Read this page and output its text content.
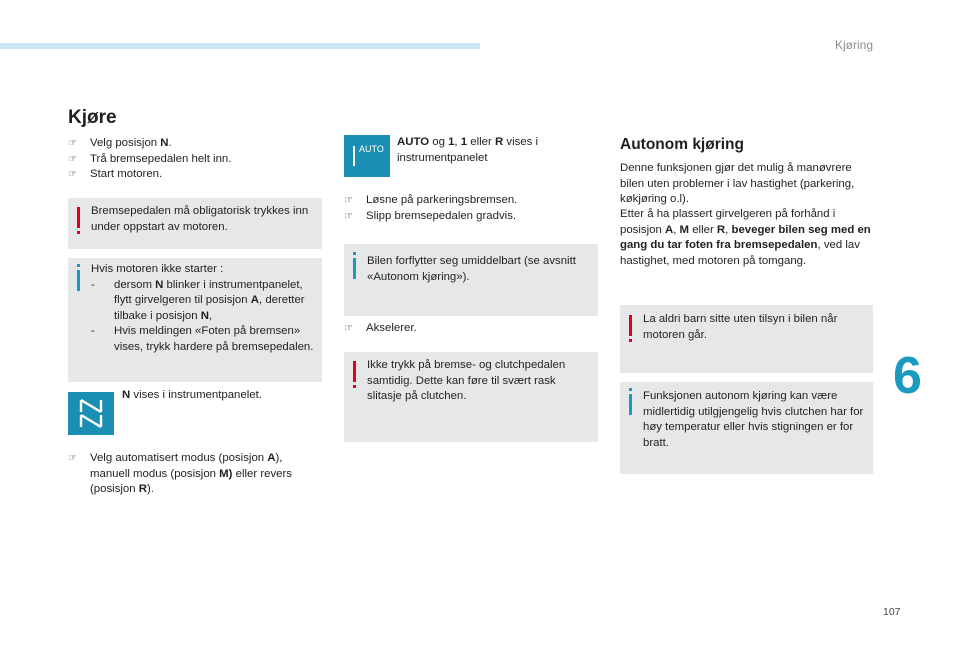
Kjøring
Kjøre
☞ Velg posisjon N.
☞ Trå bremsepedalen helt inn.
☞ Start motoren.
Bremsepedalen må obligatorisk trykkes inn under oppstart av motoren.
Hvis motoren ikke starter :
- dersom N blinker i instrumentpanelet, flytt girvelgeren til posisjon A, deretter tilbake i posisjon N,
- Hvis meldingen «Foten på bremsen» vises, trykk hardere på bremsepedalen.
N vises i instrumentpanelet.
☞ Velg automatisert modus (posisjon A), manuell modus (posisjon M) eller revers (posisjon R).
AUTO
AUTO og 1, 1 eller R vises i instrumentpanelet
☞ Løsne på parkeringsbremsen.
☞ Slipp bremsepedalen gradvis.
Bilen forflytter seg umiddelbart (se avsnitt «Autonom kjøring»).
☞ Akselerer.
Ikke trykk på bremse- og clutchpedalen samtidig. Dette kan føre til svært rask slitasje på clutchen.
Autonom kjøring
Denne funksjonen gjør det mulig å manøvrere bilen uten problemer i lav hastighet (parkering, køkjøring o.l).
Etter å ha plassert girvelgeren på forhånd i posisjon A, M eller R, beveger bilen seg med en gang du tar foten fra bremsepedalen, ved lav hastighet, med motoren på tomgang.
La aldri barn sitte uten tilsyn i bilen når motoren går.
Funksjonen autonom kjøring kan være midlertidig utilgjengelig hvis clutchen har for høy temperatur eller hvis stigningen er for bratt.
6
107
